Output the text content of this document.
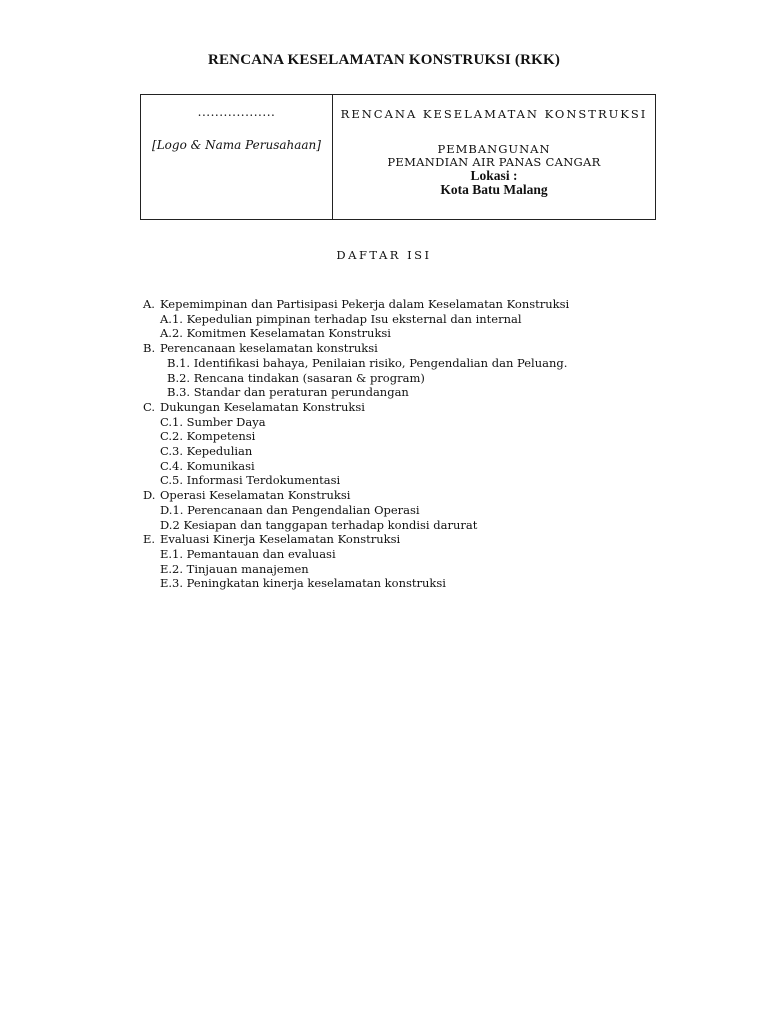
RENCANA KESELAMATAN KONSTRUKSI (RKK)
..................
[Logo & Nama Perusahaan]
RENCANA KESELAMATAN KONSTRUKSI
PEMBANGUNAN
PEMANDIAN AIR PANAS CANGAR
Lokasi :
Kota Batu Malang
DAFTAR ISI
A. Kepemimpinan dan Partisipasi Pekerja dalam Keselamatan Konstruksi
A.1. Kepedulian pimpinan terhadap Isu eksternal dan internal
A.2. Komitmen Keselamatan Konstruksi
B. Perencanaan keselamatan konstruksi
B.1. Identifikasi bahaya, Penilaian risiko, Pengendalian dan Peluang.
B.2. Rencana tindakan (sasaran & program)
B.3. Standar dan peraturan perundangan
C. Dukungan Keselamatan Konstruksi
C.1. Sumber Daya
C.2. Kompetensi
C.3. Kepedulian
C.4. Komunikasi
C.5. Informasi Terdokumentasi
D. Operasi Keselamatan Konstruksi
D.1. Perencanaan dan Pengendalian Operasi
D.2 Kesiapan dan tanggapan terhadap kondisi darurat
E. Evaluasi Kinerja Keselamatan Konstruksi
E.1. Pemantauan dan evaluasi
E.2. Tinjauan manajemen
E.3. Peningkatan kinerja keselamatan konstruksi
